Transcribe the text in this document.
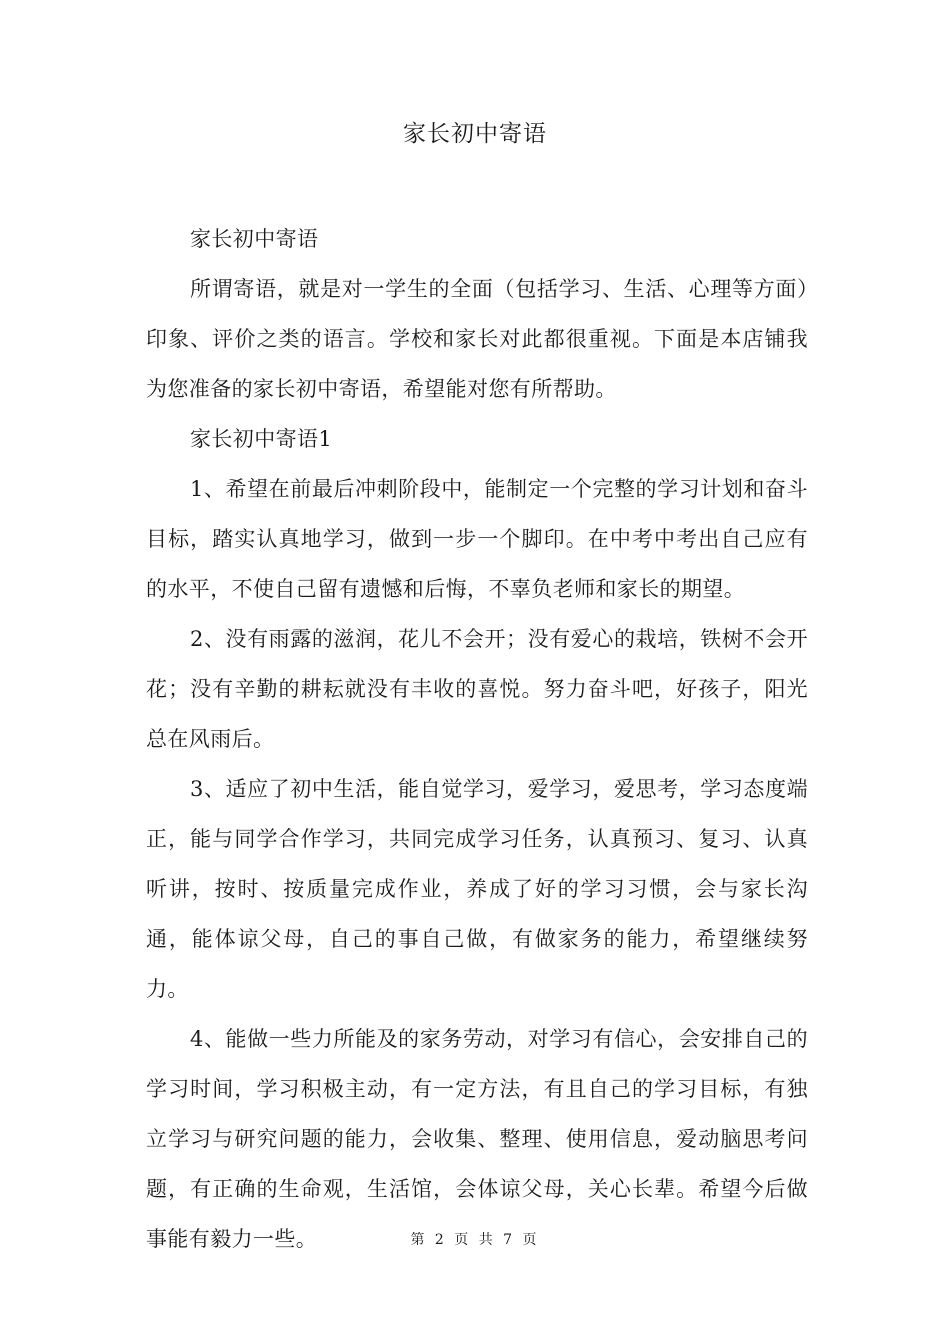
家长初中寄语

家长初中寄语

所谓寄语，就是对一学生的全面（包括学习、生活、心理等方面）印象、评价之类的语言。学校和家长对此都很重视。下面是本店铺我为您准备的家长初中寄语，希望能对您有所帮助。

家长初中寄语1

1、希望在前最后冲刺阶段中，能制定一个完整的学习计划和奋斗目标，踏实认真地学习，做到一步一个脚印。在中考中考出自己应有的水平，不使自己留有遗憾和后悔，不辜负老师和家长的期望。

2、没有雨露的滋润，花儿不会开；没有爱心的栽培，铁树不会开花；没有辛勤的耕耘就没有丰收的喜悦。努力奋斗吧，好孩子，阳光总在风雨后。

3、适应了初中生活，能自觉学习，爱学习，爱思考，学习态度端正，能与同学合作学习，共同完成学习任务，认真预习、复习、认真听讲，按时、按质量完成作业，养成了好的学习习惯，会与家长沟通，能体谅父母，自己的事自己做，有做家务的能力，希望继续努力。

4、能做一些力所能及的家务劳动，对学习有信心，会安排自己的学习时间，学习积极主动，有一定方法，有且自己的学习目标，有独立学习与研究问题的能力，会收集、整理、使用信息，爱动脑思考问题，有正确的生命观，生活馆，会体谅父母，关心长辈。希望今后做事能有毅力一些。	第 2 页 共 7 页
